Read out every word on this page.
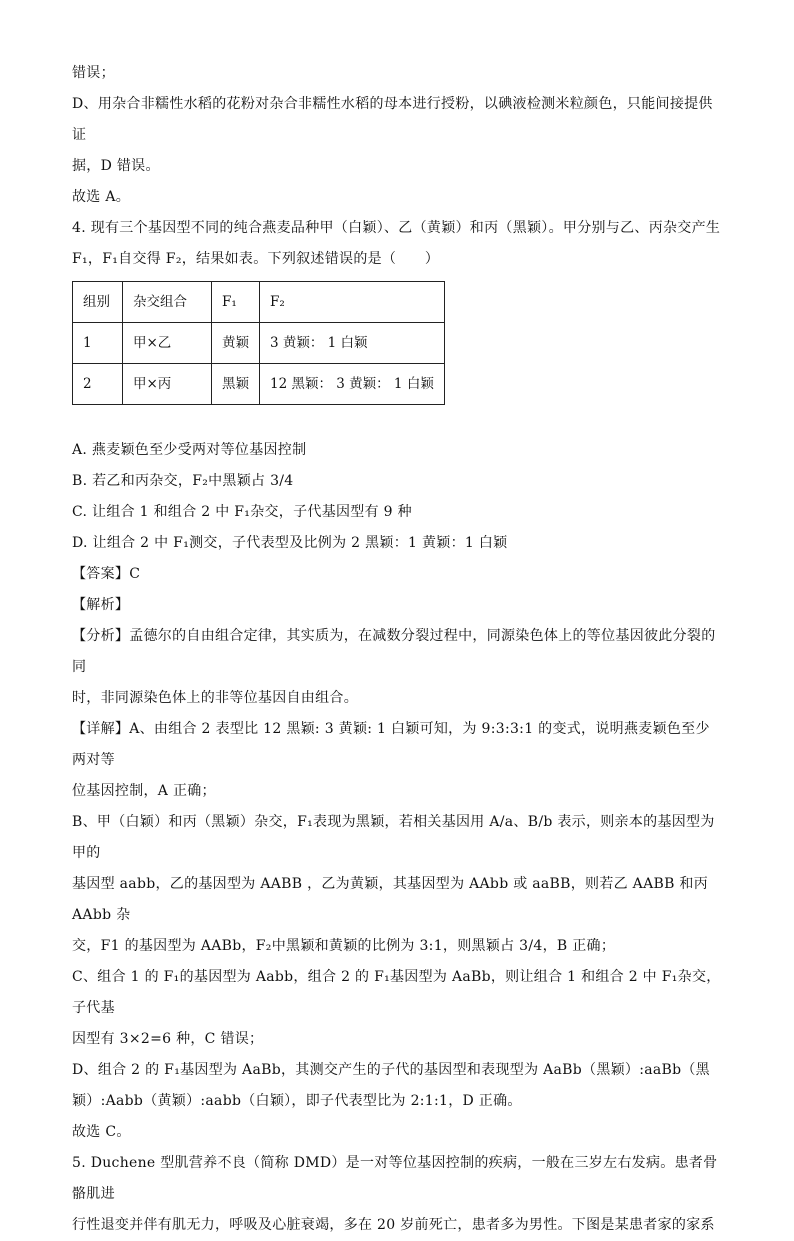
错误；

D、用杂合非糯性水稻的花粉对杂合非糯性水稻的母本进行授粉，以碘液检测米粒颜色，只能间接提供证

据，D 错误。

故选 A。

4. 现有三个基因型不同的纯合燕麦品种甲（白颖）、乙（黄颖）和丙（黑颖）。甲分别与乙、丙杂交产生

F₁，F₁自交得 F₂，结果如表。下列叙述错误的是（　　）

组别	杂交组合	F₁	F₂
1	甲×乙	黄颖	3 黄颖： 1 白颖
2	甲×丙	黑颖	12 黑颖： 3 黄颖： 1 白颖

A. 燕麦颖色至少受两对等位基因控制

B. 若乙和丙杂交，F₂中黑颖占 3/4

C. 让组合 1 和组合 2 中 F₁杂交，子代基因型有 9 种

D. 让组合 2 中 F₁测交，子代表型及比例为 2 黑颖：1 黄颖：1 白颖

【答案】C

【解析】

【分析】孟德尔的自由组合定律，其实质为，在减数分裂过程中，同源染色体上的等位基因彼此分裂的同

时，非同源染色体上的非等位基因自由组合。

【详解】A、由组合 2 表型比 12 黑颖: 3 黄颖: 1 白颖可知，为 9:3:3:1 的变式，说明燕麦颖色至少两对等

位基因控制，A 正确；

B、甲（白颖）和丙（黑颖）杂交，F₁表现为黑颖，若相关基因用 A/a、B/b 表示，则亲本的基因型为甲的

基因型 aabb，乙的基因型为 AABB ，乙为黄颖，其基因型为 AAbb 或 aaBB，则若乙 AABB 和丙 AAbb 杂

交，F1 的基因型为 AABb，F₂中黑颖和黄颖的比例为 3:1，则黑颖占 3/4，B 正确；

C、组合 1 的 F₁的基因型为 Aabb，组合 2 的 F₁基因型为 AaBb，则让组合 1 和组合 2 中 F₁杂交，子代基

因型有 3×2=6 种，C 错误；

D、组合 2 的 F₁基因型为 AaBb，其测交产生的子代的基因型和表现型为 AaBb（黑颖）:aaBb（黑

颖）:Aabb（黄颖）:aabb（白颖），即子代表型比为 2:1:1，D 正确。

故选 C。

5. Duchene 型肌营养不良（简称 DMD）是一对等位基因控制的疾病，一般在三岁左右发病。患者骨骼肌进

行性退变并伴有肌无力，呼吸及心脏衰竭，多在 20 岁前死亡，患者多为男性。下图是某患者家的家系
